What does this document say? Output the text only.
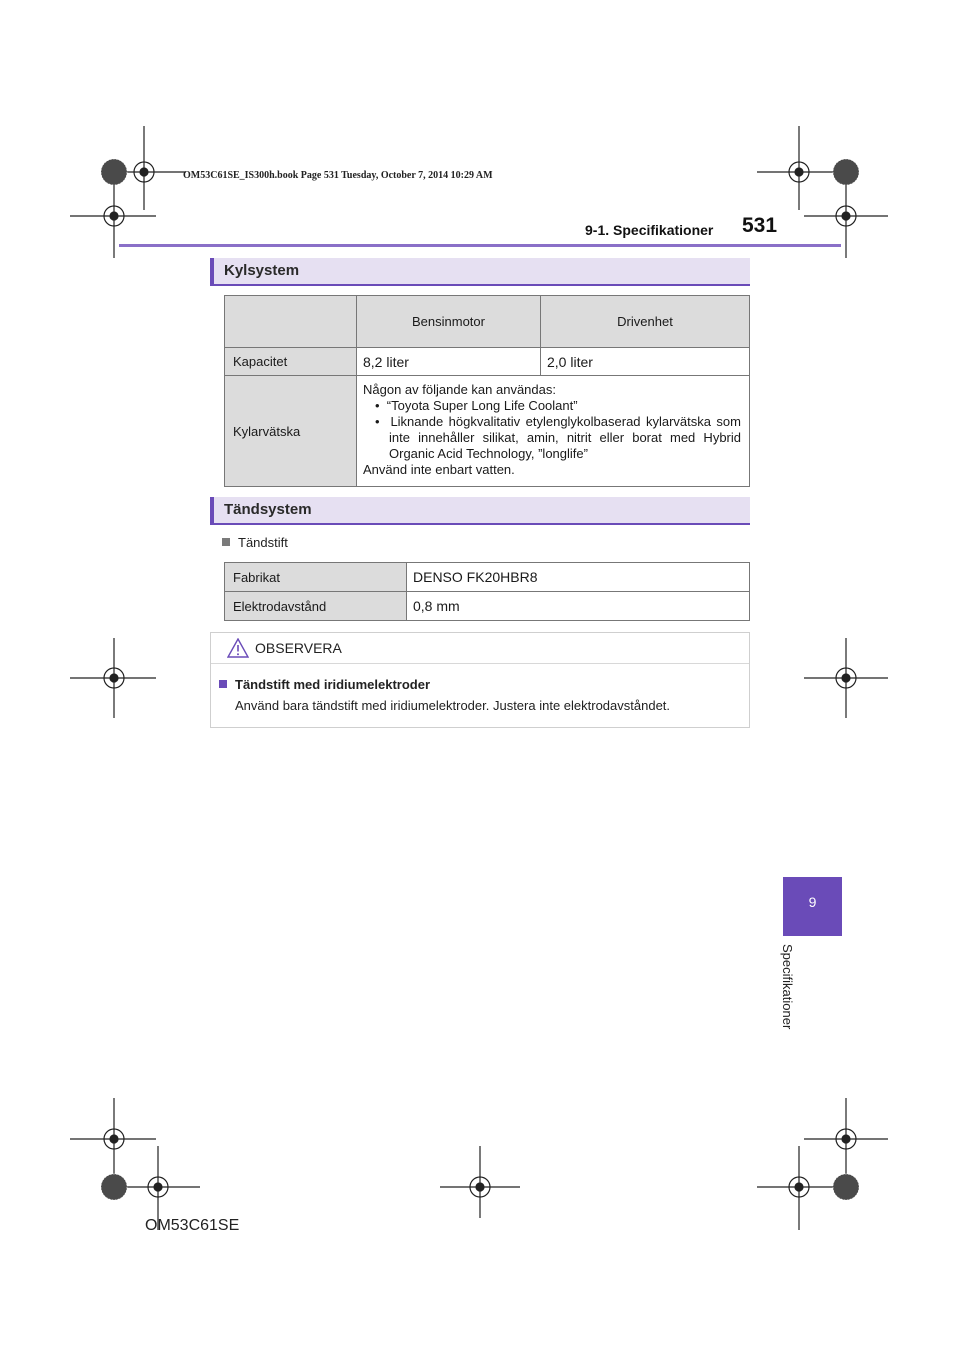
OM53C61SE_IS300h.book Page 531 Tuesday, October 7, 2014 10:29 AM
9-1. Specifikationer 531
Kylsystem
	Bensinmotor	Drivenhet
Kapacitet	8,2 liter	2,0 liter
Kylarvätska	Någon av följande kan användas:
•  “Toyota Super Long Life Coolant”
•  Liknande högkvalitativ etylenglykolbaserad kylarvätska som inte innehåller silikat, amin, nitrit eller borat med Hybrid Organic Acid Technology, ”longlife”
Använd inte enbart vatten.	
Tändsystem
Tändstift
Fabrikat	DENSO FK20HBR8
Elektrodavstånd	0,8 mm
OBSERVERA
Tändstift med iridiumelektroder
Använd bara tändstift med iridiumelektroder. Justera inte elektrodavståndet.
9
Specifikationer
OM53C61SE
